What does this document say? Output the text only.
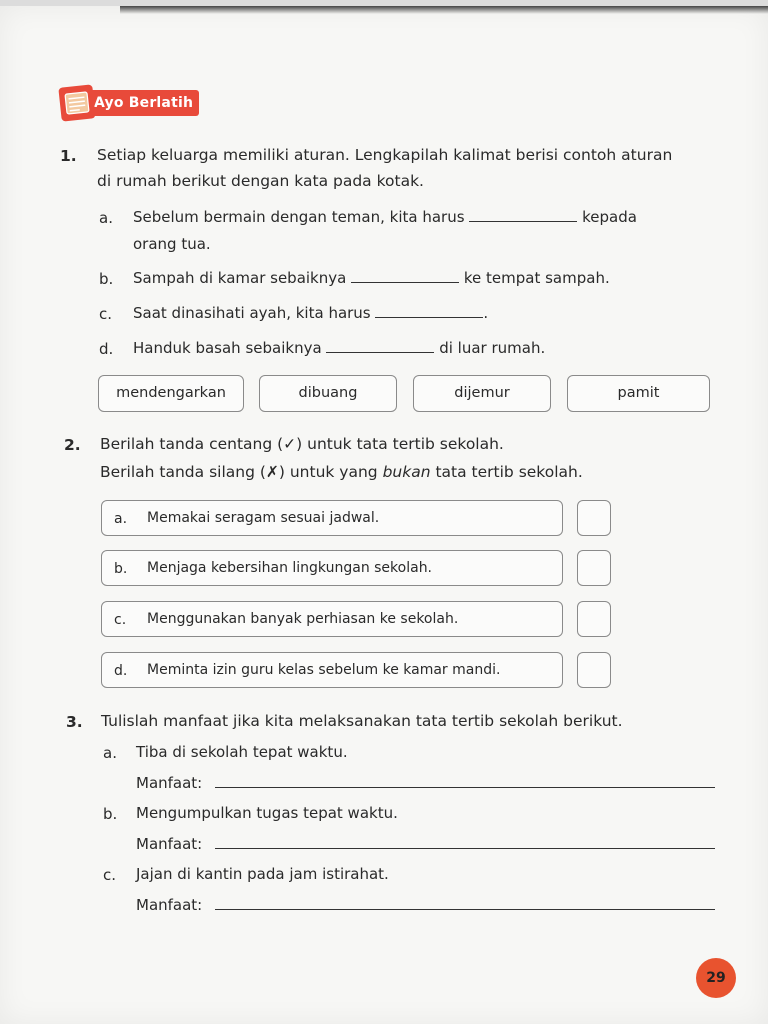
Ayo Berlatih
1. Setiap keluarga memiliki aturan. Lengkapilah kalimat berisi contoh aturan
di rumah berikut dengan kata pada kotak.
a. Sebelum bermain dengan teman, kita harus	kepada
orang tua.
b. Sampah di kamar sebaiknya	ke tempat sampah.
c. Saat dinasihati ayah, kita harus	.
d. Handuk basah sebaiknya	di luar rumah.
mendengarkan	dibuang	dijemur	pamit
2. Berilah tanda centang (✓) untuk tata tertib sekolah.
Berilah tanda silang (✗) untuk yang bukan tata tertib sekolah.
a. Memakai seragam sesuai jadwal.
b. Menjaga kebersihan lingkungan sekolah.
c. Menggunakan banyak perhiasan ke sekolah.
d. Meminta izin guru kelas sebelum ke kamar mandi.
3. Tulislah manfaat jika kita melaksanakan tata tertib sekolah berikut.
a. Tiba di sekolah tepat waktu.
Manfaat:
b. Mengumpulkan tugas tepat waktu.
Manfaat:
c. Jajan di kantin pada jam istirahat.
Manfaat:
29
